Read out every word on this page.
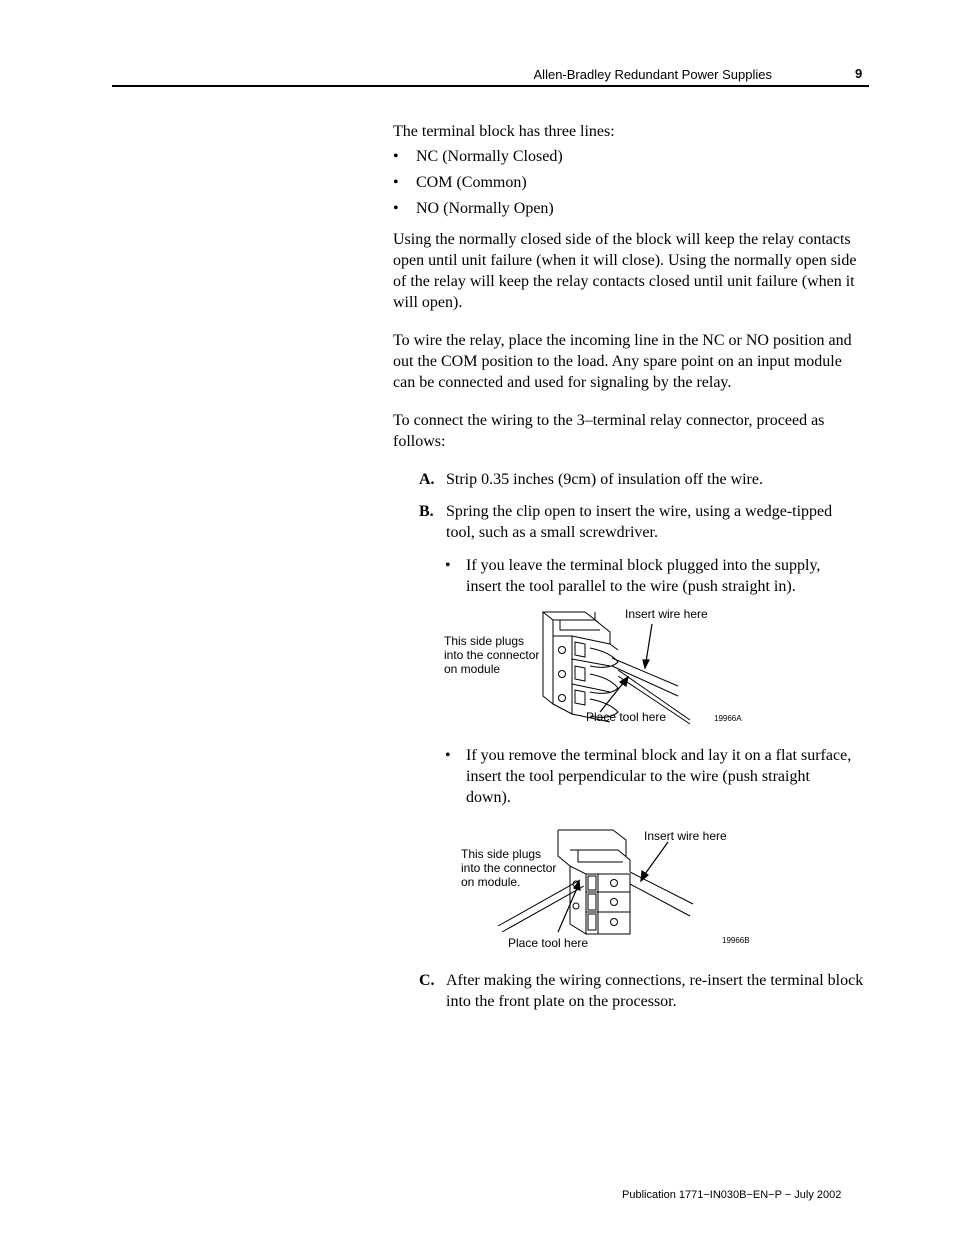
Allen-Bradley Redundant Power Supplies	9

The terminal block has three lines:

• NC (Normally Closed)
• COM (Common)
• NO (Normally Open)

Using the normally closed side of the block will keep the relay contacts open until unit failure (when it will close). Using the normally open side of the relay will keep the relay contacts closed until unit failure (when it will open).

To wire the relay, place the incoming line in the NC or NO position and out the COM position to the load. Any spare point on an input module can be connected and used for signaling by the relay.

To connect the wiring to the 3–terminal relay connector, proceed as follows:

A. Strip 0.35 inches (9cm) of insulation off the wire.
B. Spring the clip open to insert the wire, using a wedge-tipped tool, such as a small screwdriver.
• If you leave the terminal block plugged into the supply, insert the tool parallel to the wire (push straight in).
This side plugs
into the connector
on module
Insert wire here
Place tool here	19966A
• If you remove the terminal block and lay it on a flat surface, insert the tool perpendicular to the wire (push straight down).
This side plugs
into the connector
on module.
Insert wire here
Place tool here	19966B
C. After making the wiring connections, re-insert the terminal block into the front plate on the processor.
Publication 1771−IN030B−EN−P − July 2002
